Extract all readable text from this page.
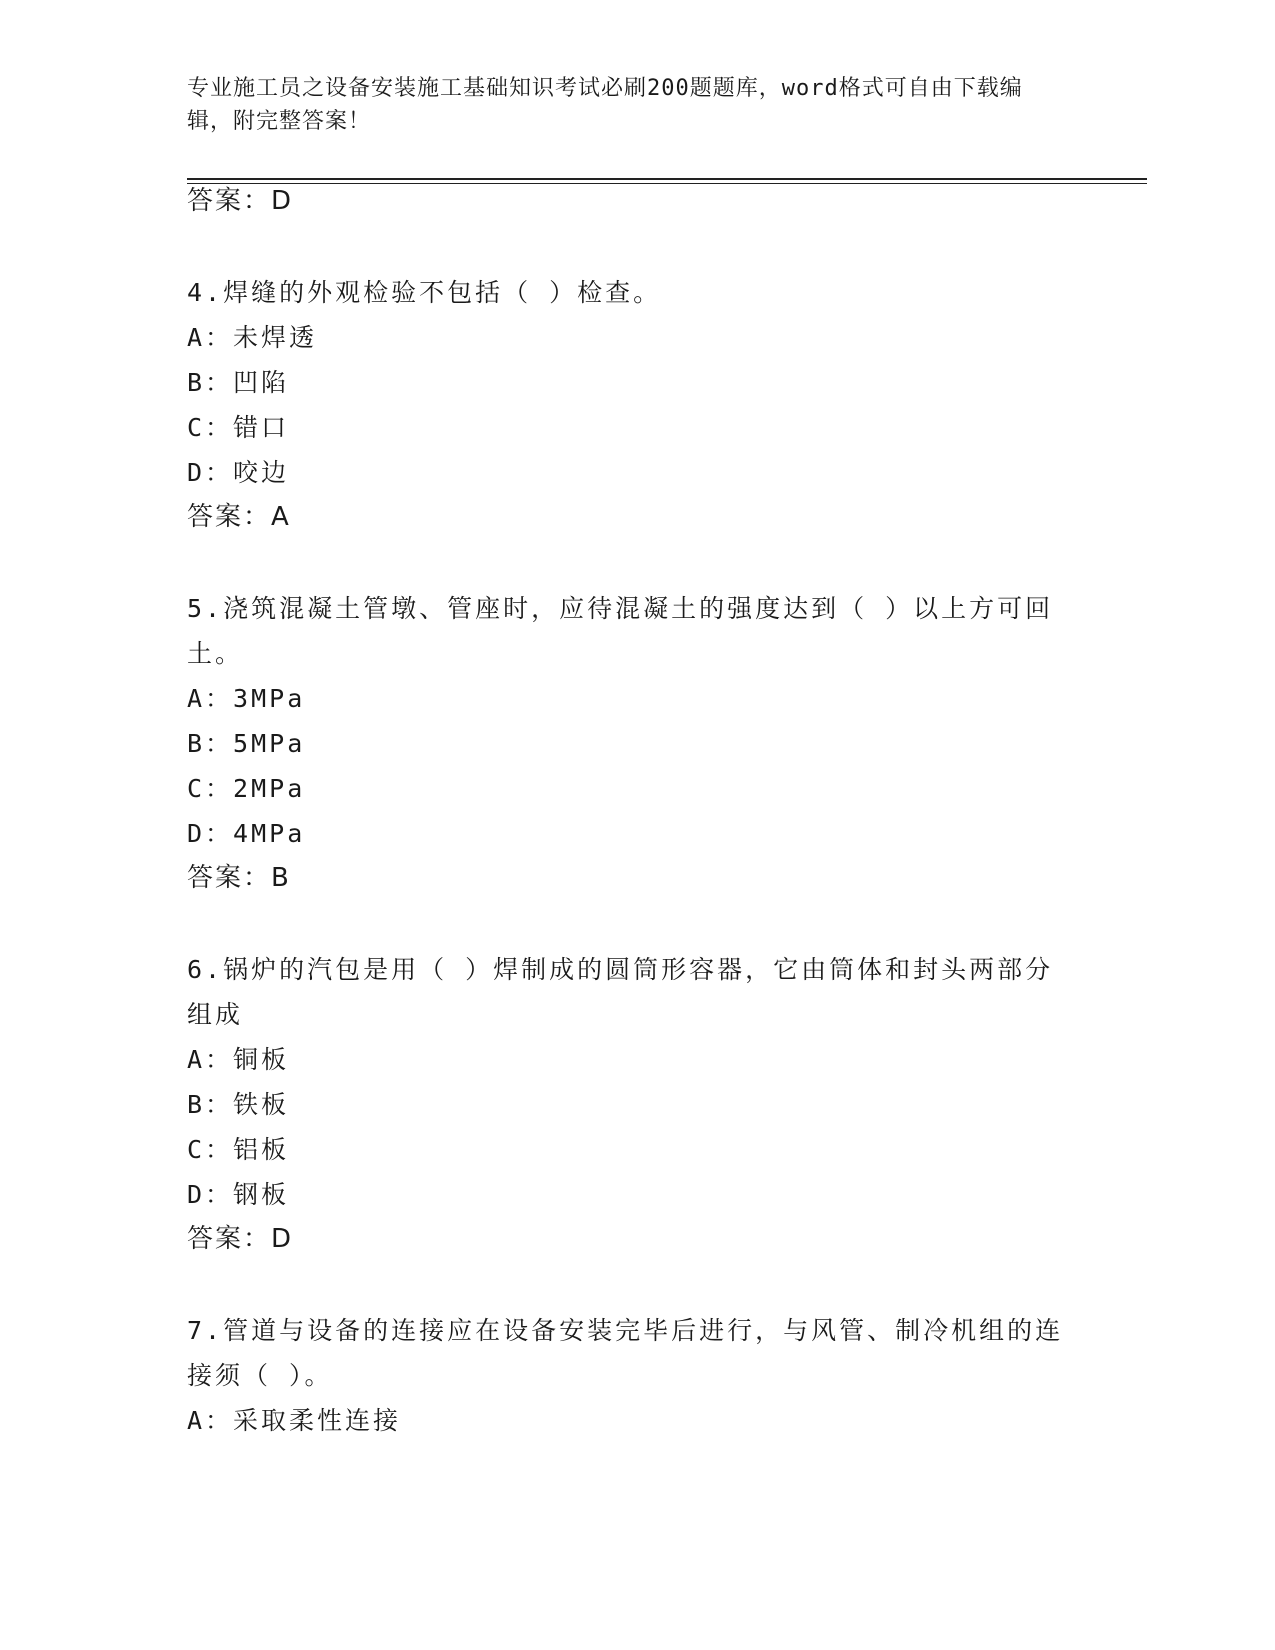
专业施工员之设备安装施工基础知识考试必刷200题题库，word格式可自由下载编辑，附完整答案！
答案：D
4.焊缝的外观检验不包括（ ）检查。
A：未焊透
B：凹陷
C：错口
D：咬边
答案：A
5.浇筑混凝土管墩、管座时，应待混凝土的强度达到（ ）以上方可回土。
A：3MPa
B：5MPa
C：2MPa
D：4MPa
答案：B
6.锅炉的汽包是用（ ）焊制成的圆筒形容器，它由筒体和封头两部分组成
A：铜板
B：铁板
C：铝板
D：钢板
答案：D
7.管道与设备的连接应在设备安装完毕后进行，与风管、制冷机组的连接须（ ）。
A：采取柔性连接
